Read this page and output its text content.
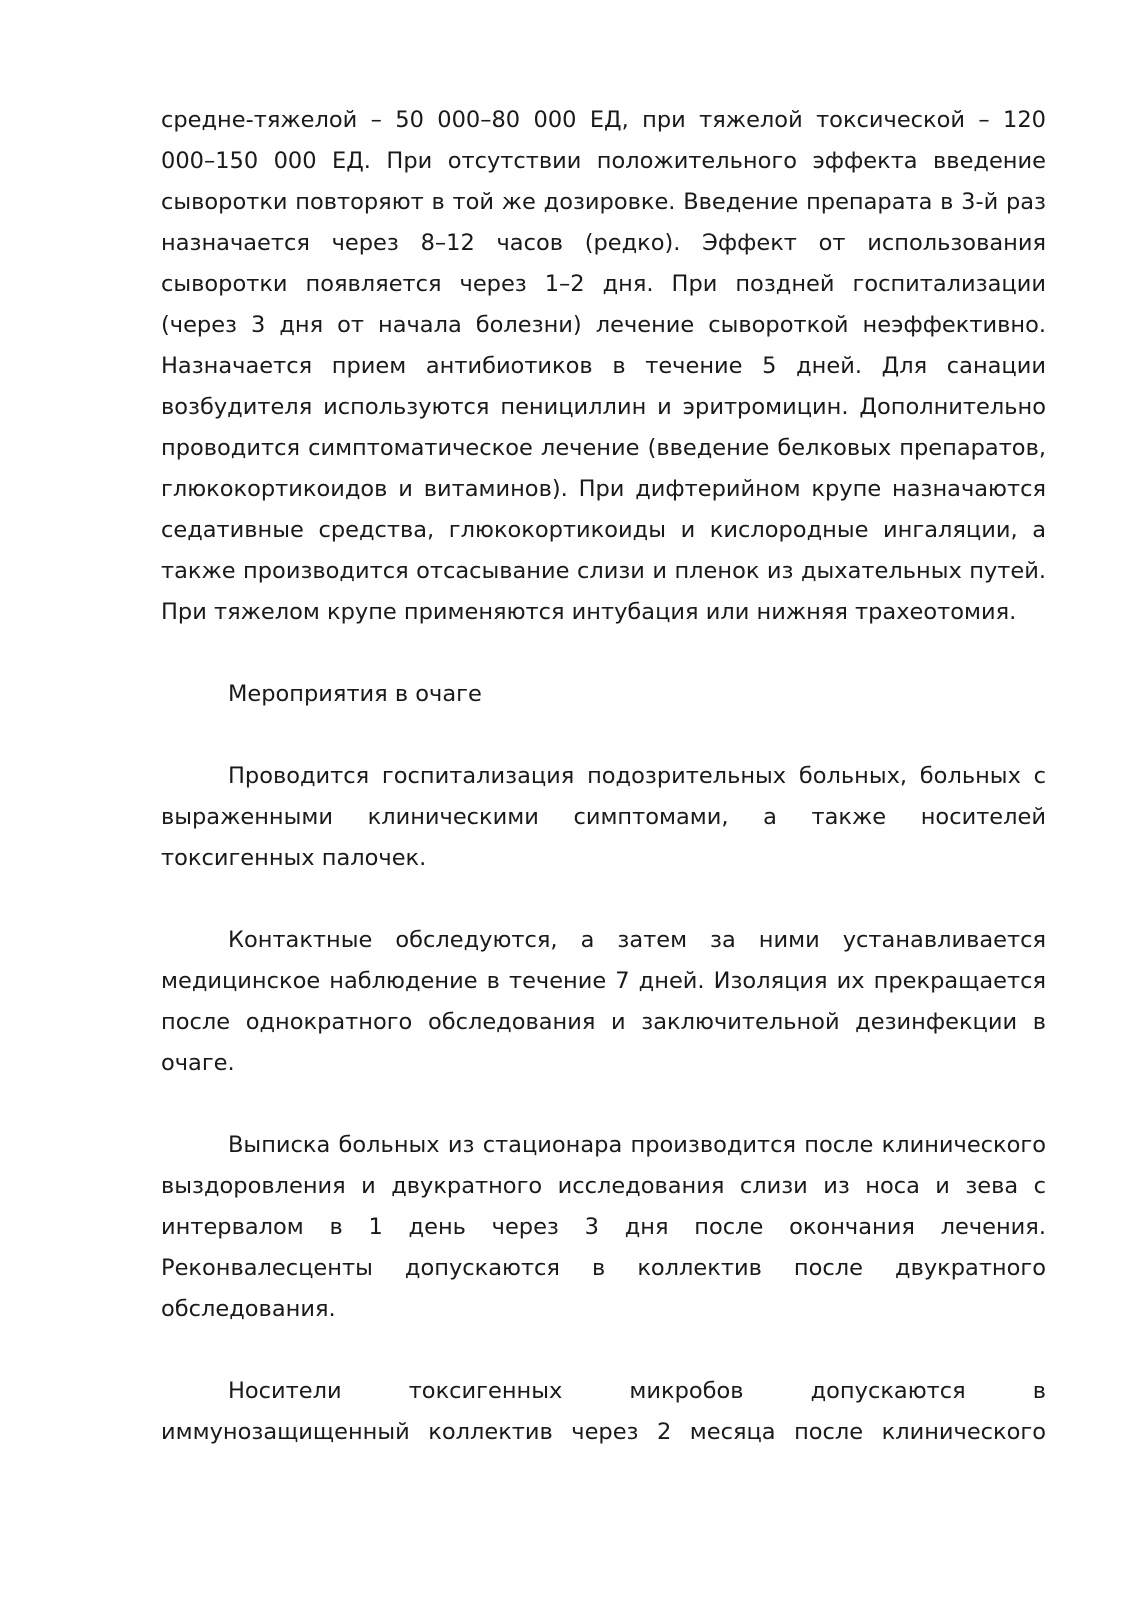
средне-тяжелой – 50 000–80 000 ЕД, при тяжелой токсической – 120
000–150 000 ЕД. При отсутствии положительного эффекта введение
сыворотки повторяют в той же дозировке. Введение препарата в 3-й раз
назначается через 8–12 часов (редко). Эффект от использования
сыворотки появляется через 1–2 дня. При поздней госпитализации
(через 3 дня от начала болезни) лечение сывороткой неэффективно.
Назначается прием антибиотиков в течение 5 дней. Для санации
возбудителя используются пенициллин и эритромицин. Дополнительно
проводится симптоматическое лечение (введение белковых препаратов,
глюкокортикоидов и витаминов). При дифтерийном крупе назначаются
седативные средства, глюкокортикоиды и кислородные ингаляции, а
также производится отсасывание слизи и пленок из дыхательных путей.
При тяжелом крупе применяются интубация или нижняя трахеотомия.
Мероприятия в очаге
Проводится госпитализация подозрительных больных, больных с
выраженными клиническими симптомами, а также носителей
токсигенных палочек.
Контактные обследуются, а затем за ними устанавливается
медицинское наблюдение в течение 7 дней. Изоляция их прекращается
после однократного обследования и заключительной дезинфекции в
очаге.
Выписка больных из стационара производится после клинического
выздоровления и двукратного исследования слизи из носа и зева с
интервалом в 1 день через 3 дня после окончания лечения.
Реконвалесценты допускаются в коллектив после двукратного
обследования.
Носители токсигенных микробов допускаются в
иммунозащищенный коллектив через 2 месяца после клинического
